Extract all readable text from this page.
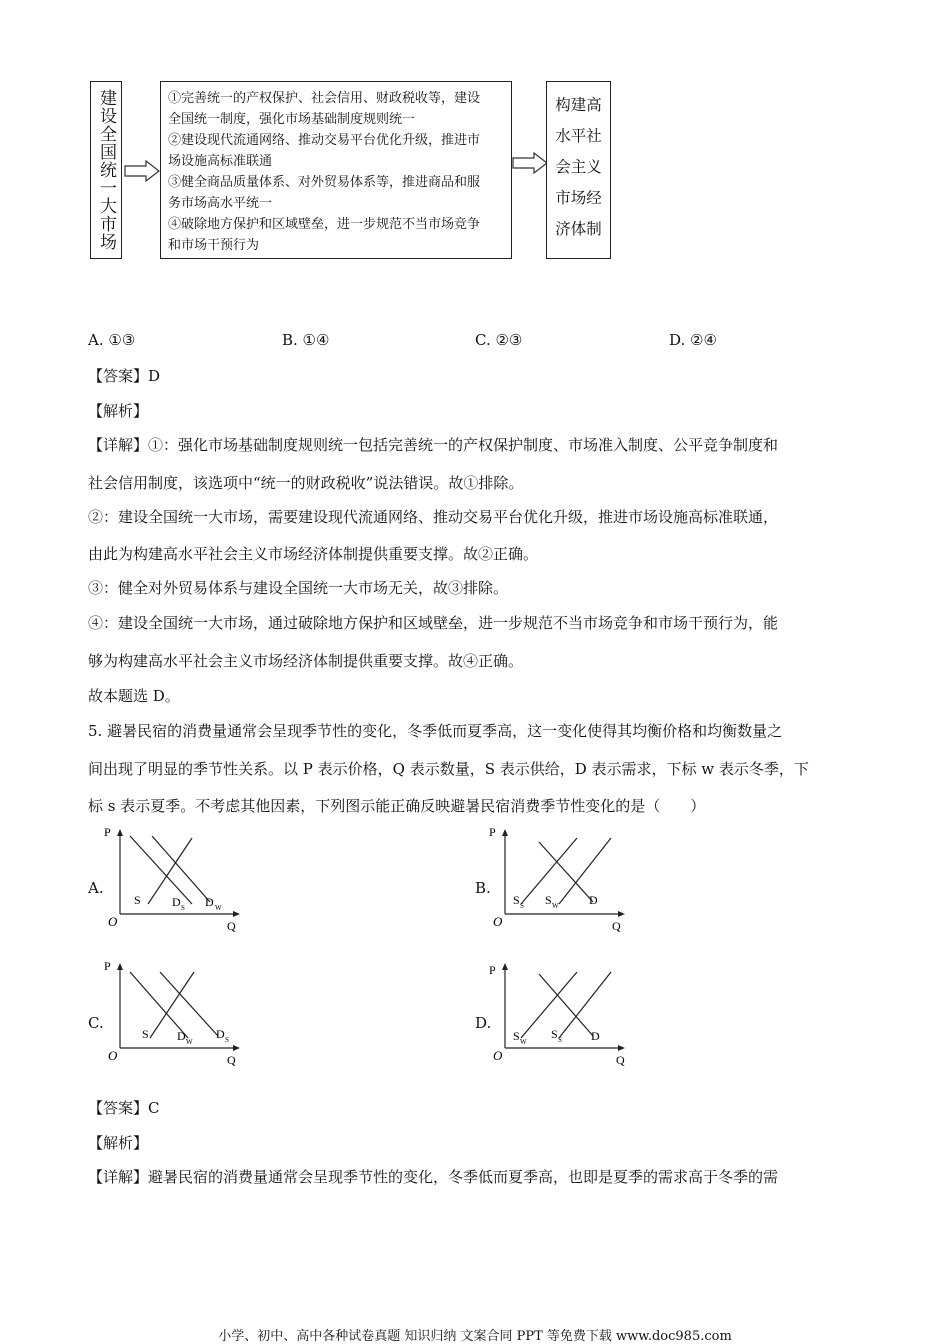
建设全国统一大市场	①完善统一的产权保护、社会信用、财政税收等，建设
全国统一制度，强化市场基础制度规则统一
②建设现代流通网络、推动交易平台优化升级，推进市
场设施高标准联通
③健全商品质量体系、对外贸易体系等，推进商品和服
务市场高水平统一
④破除地方保护和区域壁垒，进一步规范不当市场竞争
和市场干预行为
构建高
水平社
会主义
市场经
济体制
A. ①③	B. ①④	C. ②③	D. ②④
【答案】D
【解析】
【详解】①：强化市场基础制度规则统一包括完善统一的产权保护制度、市场准入制度、公平竞争制度和
社会信用制度，该选项中“统一的财政税收”说法错误。故①排除。
②：建设全国统一大市场，需要建设现代流通网络、推动交易平台优化升级，推进市场设施高标准联通，
由此为构建高水平社会主义市场经济体制提供重要支撑。故②正确。
③：健全对外贸易体系与建设全国统一大市场无关，故③排除。
④：建设全国统一大市场，通过破除地方保护和区域壁垒，进一步规范不当市场竞争和市场干预行为，能
够为构建高水平社会主义市场经济体制提供重要支撑。故④正确。
故本题选 D。
5. 避暑民宿的消费量通常会呈现季节性的变化，冬季低而夏季高，这一变化使得其均衡价格和均衡数量之
间出现了明显的季节性关系。以 P 表示价格，Q 表示数量，S 表示供给，D 表示需求，下标 w 表示冬季，下
标 s 表示夏季。不考虑其他因素，下列图示能正确反映避暑民宿消费季节性变化的是（　　）
A.
P
Q
O
S	D S D W
B.
P
Q
O
S S S W	D
C.
P
Q
O
S D W
D S
D.
P
Q
O
S W
S S D
【答案】C
【解析】
【详解】避暑民宿的消费量通常会呈现季节性的变化，冬季低而夏季高，也即是夏季的需求高于冬季的需
小学、初中、高中各种试卷真题 知识归纳 文案合同 PPT 等免费下载 www.doc985.com
